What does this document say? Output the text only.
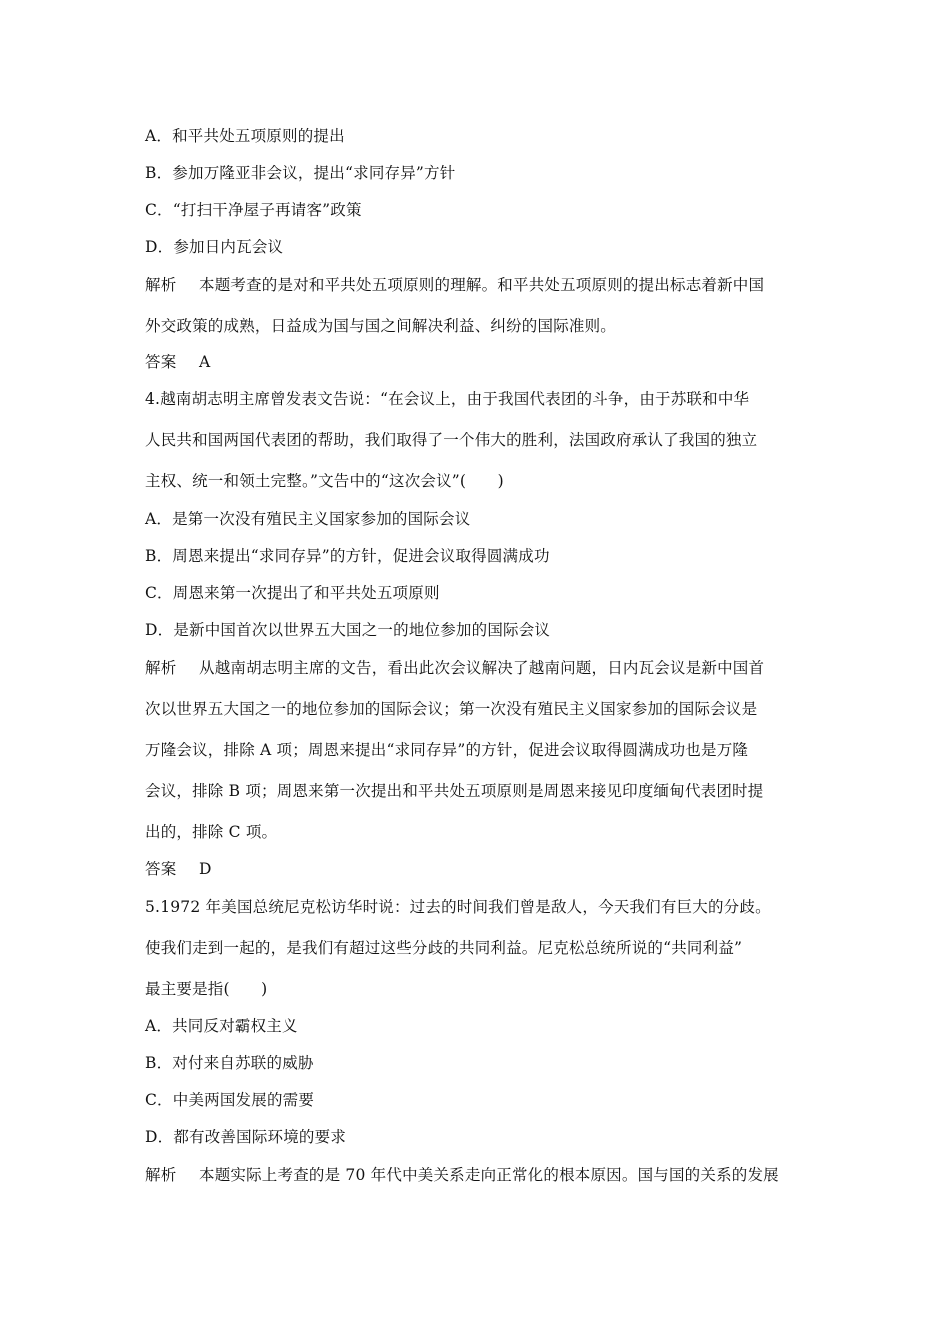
A．和平共处五项原则的提出
B．参加万隆亚非会议，提出“求同存异”方针
C．“打扫干净屋子再请客”政策
D．参加日内瓦会议
解析 本题考查的是对和平共处五项原则的理解。和平共处五项原则的提出标志着新中国
外交政策的成熟，日益成为国与国之间解决利益、纠纷的国际准则。
答案 A
4.越南胡志明主席曾发表文告说：“在会议上，由于我国代表团的斗争，由于苏联和中华
人民共和国两国代表团的帮助，我们取得了一个伟大的胜利，法国政府承认了我国的独立
主权、统一和领土完整。”文告中的“这次会议”(　　)
A．是第一次没有殖民主义国家参加的国际会议
B．周恩来提出“求同存异”的方针，促进会议取得圆满成功
C．周恩来第一次提出了和平共处五项原则
D．是新中国首次以世界五大国之一的地位参加的国际会议
解析 从越南胡志明主席的文告，看出此次会议解决了越南问题，日内瓦会议是新中国首
次以世界五大国之一的地位参加的国际会议；第一次没有殖民主义国家参加的国际会议是
万隆会议，排除 A 项；周恩来提出“求同存异”的方针，促进会议取得圆满成功也是万隆
会议，排除 B 项；周恩来第一次提出和平共处五项原则是周恩来接见印度缅甸代表团时提
出的，排除 C 项。
答案 D
5.1972 年美国总统尼克松访华时说：过去的时间我们曾是敌人，今天我们有巨大的分歧。
使我们走到一起的，是我们有超过这些分歧的共同利益。尼克松总统所说的“共同利益”
最主要是指(　　)
A．共同反对霸权主义
B．对付来自苏联的威胁
C．中美两国发展的需要
D．都有改善国际环境的要求
解析 本题实际上考查的是 70 年代中美关系走向正常化的根本原因。国与国的关系的发展
